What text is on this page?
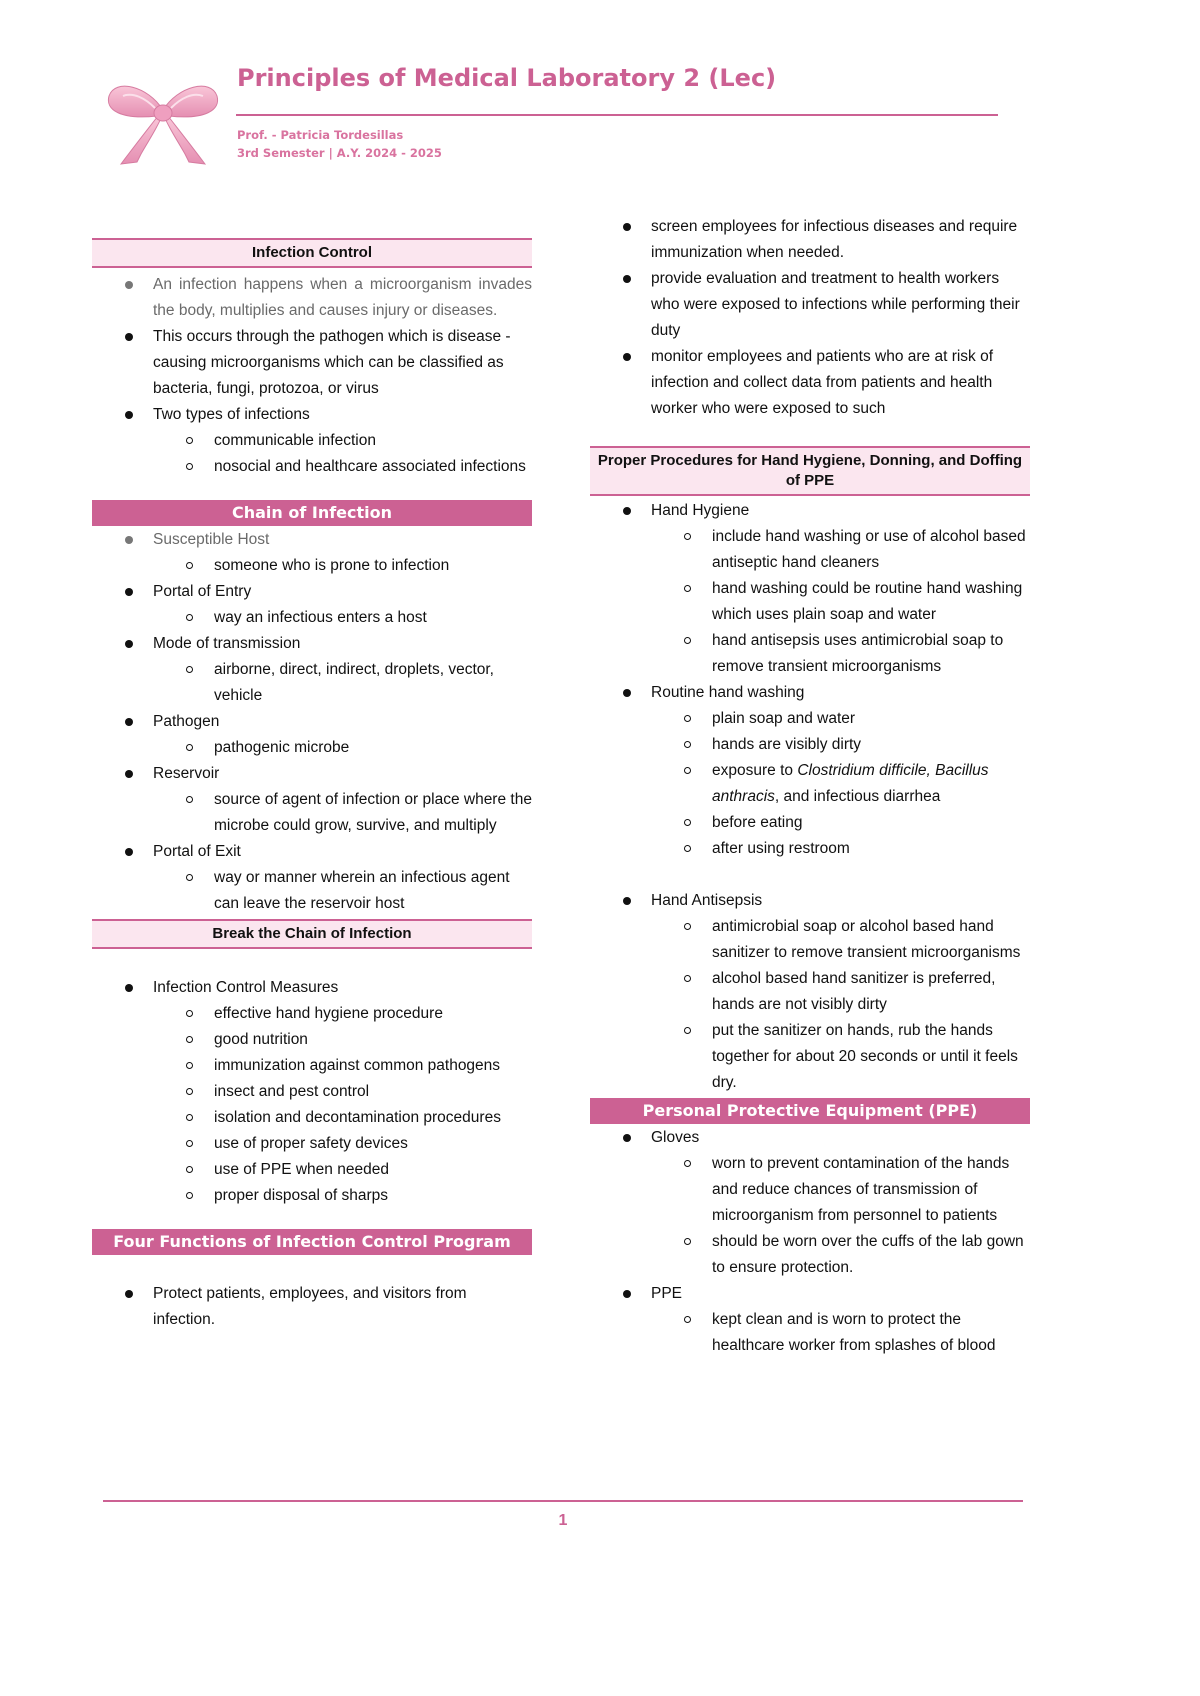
Principles of Medical Laboratory 2 (Lec)
Prof. - Patricia Tordesillas
3rd Semester | A.Y. 2024 - 2025
Infection Control
An infection happens when a microorganism invades the body, multiplies and causes injury or diseases.
This occurs through the pathogen which is disease - causing microorganisms which can be classified as bacteria, fungi, protozoa, or virus
Two types of infections
communicable infection
nosocial and healthcare associated infections
Chain of Infection
Susceptible Host
someone who is prone to infection
Portal of Entry
way an infectious enters a host
Mode of transmission
airborne, direct, indirect, droplets, vector, vehicle
Pathogen
pathogenic microbe
Reservoir
source of agent of infection or place where the microbe could grow, survive, and multiply
Portal of Exit
way or manner wherein an infectious agent can leave the reservoir host
Break the Chain of Infection
Infection Control Measures
effective hand hygiene procedure
good nutrition
immunization against common pathogens
insect and pest control
isolation and decontamination procedures
use of proper safety devices
use of PPE when needed
proper disposal of sharps
Four Functions of Infection Control Program
Protect patients, employees, and visitors from infection.
screen employees for infectious diseases and require immunization when needed.
provide evaluation and treatment to health workers who were exposed to infections while performing their duty
monitor employees and patients who are at risk of infection and collect data from patients and health worker who were exposed to such
Proper Procedures for Hand Hygiene, Donning, and Doffing of PPE
Hand Hygiene
include hand washing or use of alcohol based antiseptic hand cleaners
hand washing could be routine hand washing which uses plain soap and water
hand antisepsis uses antimicrobial soap to remove transient microorganisms
Routine hand washing
plain soap and water
hands are visibly dirty
exposure to Clostridium difficile, Bacillus anthracis, and infectious diarrhea
before eating
after using restroom
Hand Antisepsis
antimicrobial soap or alcohol based hand sanitizer to remove transient microorganisms
alcohol based hand sanitizer is preferred, hands are not visibly dirty
put the sanitizer on hands, rub the hands together for about 20 seconds or until it feels dry.
Personal Protective Equipment (PPE)
Gloves
worn to prevent contamination of the hands and reduce chances of transmission of microorganism from personnel to patients
should be worn over the cuffs of the lab gown to ensure protection.
PPE
kept clean and is worn to protect the healthcare worker from splashes of blood
1
